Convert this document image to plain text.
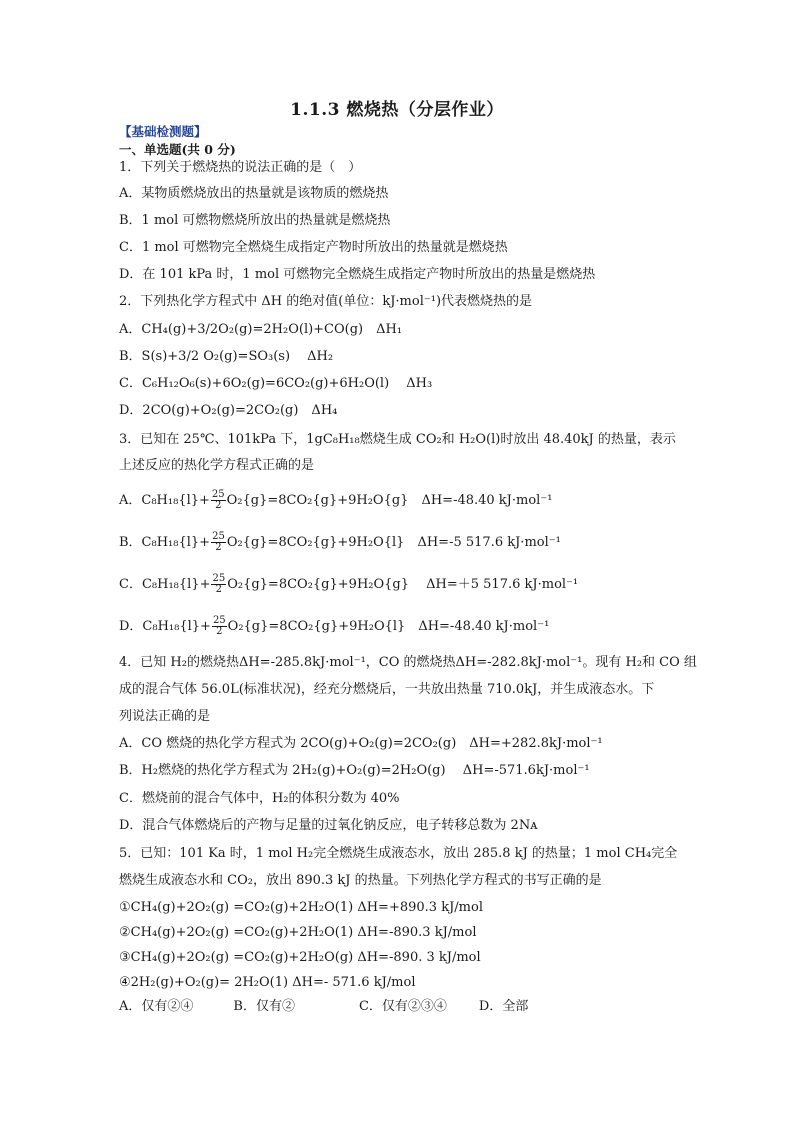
1.1.3 燃烧热（分层作业）
【基础检测题】
一、单选题(共 0 分)
1．下列关于燃烧热的说法正确的是（　）
A．某物质燃烧放出的热量就是该物质的燃烧热
B．1 mol 可燃物燃烧所放出的热量就是燃烧热
C．1 mol 可燃物完全燃烧生成指定产物时所放出的热量就是燃烧热
D．在 101 kPa 时，1 mol 可燃物完全燃烧生成指定产物时所放出的热量是燃烧热
2．下列热化学方程式中 ΔH 的绝对值(单位：kJ·mol⁻¹)代表燃烧热的是
A．CH₄(g)+3/2O₂(g)=2H₂O(l)+CO(g)　ΔH₁
B．S(s)+3/2 O₂(g)=SO₃(s)　 ΔH₂
C．C₆H₁₂O₆(s)+6O₂(g)=6CO₂(g)+6H₂O(l)　 ΔH₃
D．2CO(g)+O₂(g)=2CO₂(g)　ΔH₄
3．已知在 25℃、101kPa 下，1gC₈H₁₈燃烧生成 CO₂和 H₂O(l)时放出 48.40kJ 的热量，表示
上述反应的热化学方程式正确的是
A．$C_8H_{18}\{l\}+ \frac{25}{2} O_2\{g\}=8CO_2\{g\}+9H_2O\{g\}$　ΔH=-48.40 kJ·mol⁻¹
B．$C_8H_{18}\{l\}+ \frac{25}{2} O_2\{g\}=8CO_2\{g\}+9H_2O\{l\}$　ΔH=-5 517.6 kJ·mol⁻¹
C．$C_8H_{18}\{l\}+ \frac{25}{2} O_2\{g\}=8CO_2\{g\}+9H_2O\{g\}$　 ΔH=＋5 517.6 kJ·mol⁻¹
D．$C_8H_{18}\{l\}+ \frac{25}{2} O_2\{g\}=8CO_2\{g\}+9H_2O\{l\}$　ΔH=-48.40 kJ·mol⁻¹
4．已知 H₂的燃烧热ΔH=-285.8kJ·mol⁻¹，CO 的燃烧热ΔH=-282.8kJ·mol⁻¹。现有 H₂和 CO 组
成的混合气体 56.0L(标准状况)，经充分燃烧后，一共放出热量 710.0kJ，并生成液态水。下
列说法正确的是
A．CO 燃烧的热化学方程式为 2CO(g)+O₂(g)=2CO₂(g)　ΔH=+282.8kJ·mol⁻¹
B．H₂燃烧的热化学方程式为 2H₂(g)+O₂(g)=2H₂O(g)　 ΔH=-571.6kJ·mol⁻¹
C．燃烧前的混合气体中，H₂的体积分数为 40%
D．混合气体燃烧后的产物与足量的过氧化钠反应，电子转移总数为 2Nᴀ
5．已知：101 Ka 时，1 mol H₂完全燃烧生成液态水，放出 285.8 kJ 的热量；1 mol CH₄完全
燃烧生成液态水和 CO₂，放出 890.3 kJ 的热量。下列热化学方程式的书写正确的是
①CH₄(g)+2O₂(g) =CO₂(g)+2H₂O(1) ΔH=+890.3 kJ/mol
②CH₄(g)+2O₂(g) =CO₂(g)+2H₂O(1) ΔH=-890.3 kJ/mol
③CH₄(g)+2O₂(g) =CO₂(g)+2H₂O(g) ΔH=-890. 3 kJ/mol
④2H₂(g)+O₂(g)= 2H₂O(1) ΔH=- 571.6 kJ/mol
A．仅有②④	B．仅有②	C．仅有②③④ D．全部
